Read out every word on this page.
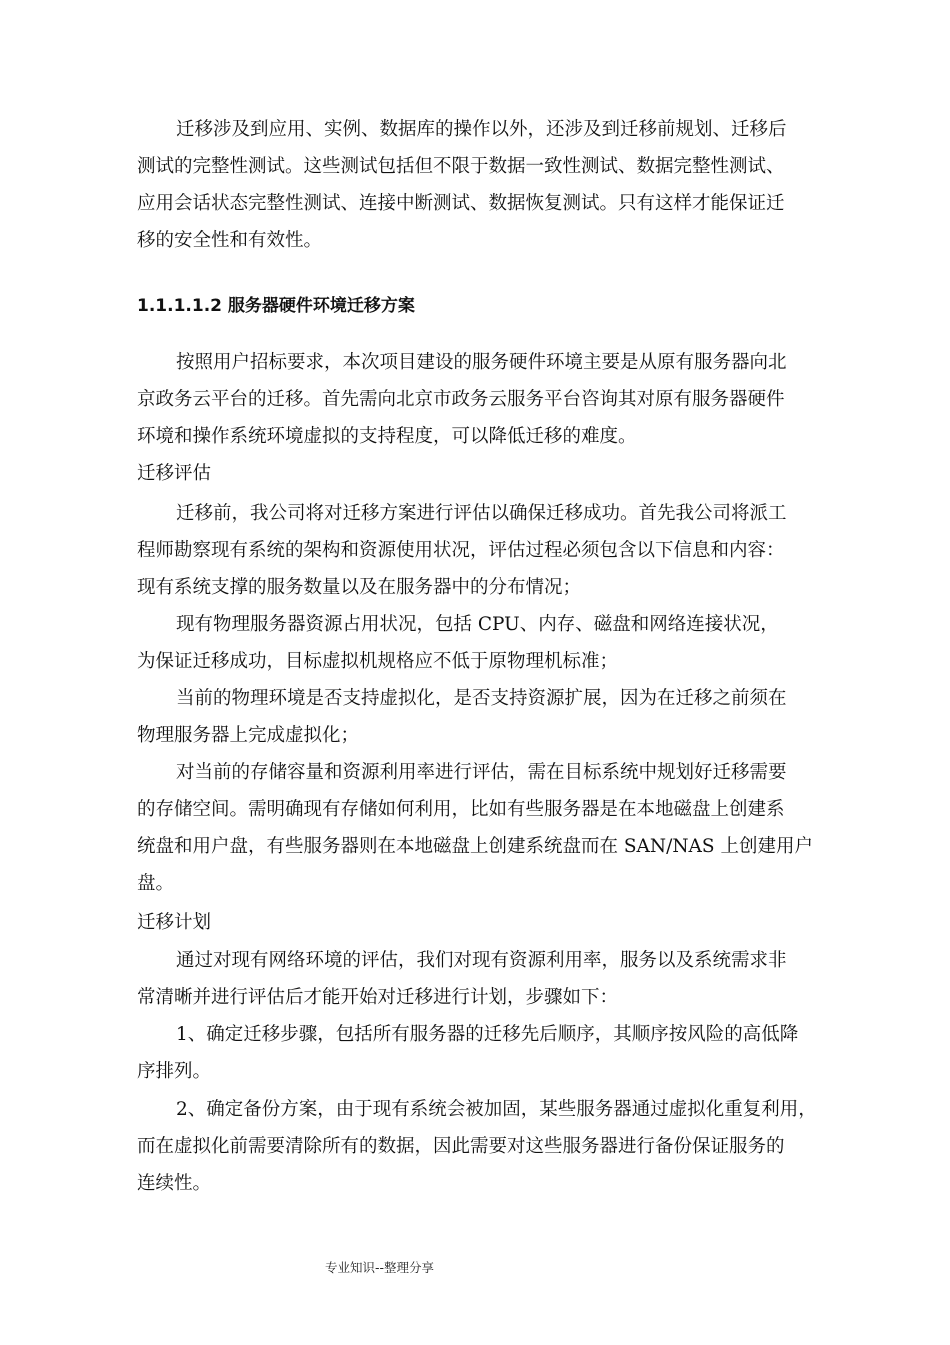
迁移涉及到应用、实例、数据库的操作以外，还涉及到迁移前规划、迁移后

测试的完整性测试。这些测试包括但不限于数据一致性测试、数据完整性测试、

应用会话状态完整性测试、连接中断测试、数据恢复测试。只有这样才能保证迁

移的安全性和有效性。

1.1.1.1.2 服务器硬件环境迁移方案

按照用户招标要求，本次项目建设的服务硬件环境主要是从原有服务器向北

京政务云平台的迁移。首先需向北京市政务云服务平台咨询其对原有服务器硬件

环境和操作系统环境虚拟的支持程度，可以降低迁移的难度。

迁移评估

迁移前，我公司将对迁移方案进行评估以确保迁移成功。首先我公司将派工

程师勘察现有系统的架构和资源使用状况，评估过程必须包含以下信息和内容：

现有系统支撑的服务数量以及在服务器中的分布情况；

现有物理服务器资源占用状况，包括 CPU、内存、磁盘和网络连接状况，

为保证迁移成功，目标虚拟机规格应不低于原物理机标准；

当前的物理环境是否支持虚拟化，是否支持资源扩展，因为在迁移之前须在

物理服务器上完成虚拟化；

对当前的存储容量和资源利用率进行评估，需在目标系统中规划好迁移需要

的存储空间。需明确现有存储如何利用，比如有些服务器是在本地磁盘上创建系

统盘和用户盘，有些服务器则在本地磁盘上创建系统盘而在 SAN/NAS 上创建用户

盘。

迁移计划

通过对现有网络环境的评估，我们对现有资源利用率，服务以及系统需求非

常清晰并进行评估后才能开始对迁移进行计划，步骤如下：

1、确定迁移步骤，包括所有服务器的迁移先后顺序，其顺序按风险的高低降

序排列。

2、确定备份方案，由于现有系统会被加固，某些服务器通过虚拟化重复利用，

而在虚拟化前需要清除所有的数据，因此需要对这些服务器进行备份保证服务的

连续性。

专业知识--整理分享
